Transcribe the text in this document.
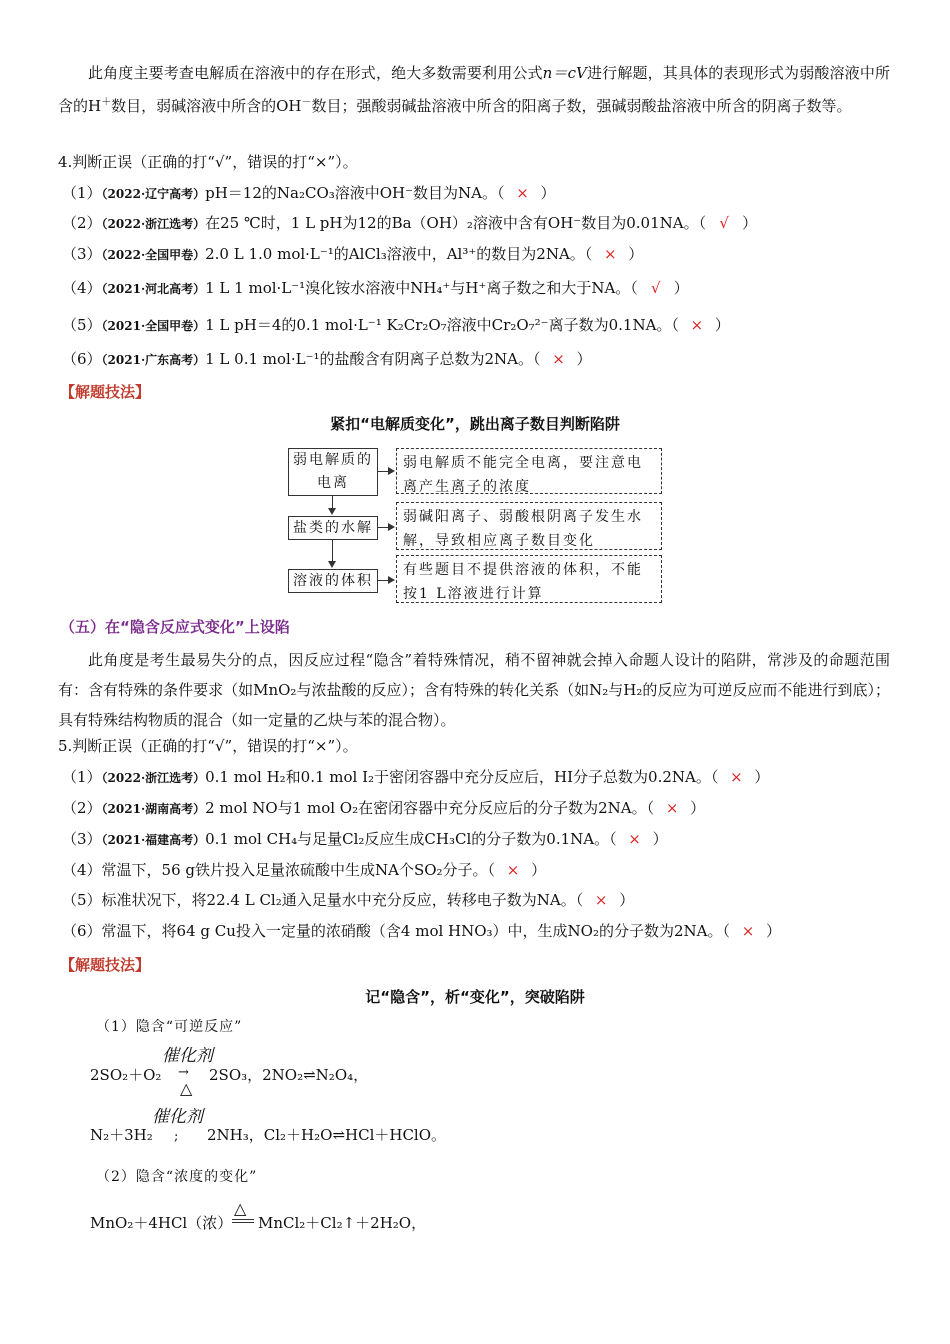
此角度主要考查电解质在溶液中的存在形式，绝大多数需要利用公式n＝cV进行解题，其具体的表现形式为弱酸溶液中所含的H＋数目，弱碱溶液中所含的OH－数目；强酸弱碱盐溶液中所含的阳离子数，强碱弱酸盐溶液中所含的阴离子数等。
4.判断正误（正确的打“√”，错误的打“×”）。
（1）（2022·辽宁高考）pH＝12的Na₂CO₃溶液中OH⁻数目为NA。（ × ）
（2）（2022·浙江选考）在25 ℃时，1 L pH为12的Ba（OH）₂溶液中含有OH⁻数目为0.01NA。（ √ ）
（3）（2022·全国甲卷）2.0 L 1.0 mol·L⁻¹的AlCl₃溶液中，Al³⁺的数目为2NA。（ × ）
（4）（2021·河北高考）1 L 1 mol·L⁻¹溴化铵水溶液中NH₄⁺与H⁺离子数之和大于NA。（ √ ）
（5）（2021·全国甲卷）1 L pH＝4的0.1 mol·L⁻¹ K₂Cr₂O₇溶液中Cr₂O₇²⁻离子数为0.1NA。（ × ）
（6）（2021·广东高考）1 L 0.1 mol·L⁻¹的盐酸含有阴离子总数为2NA。（ × ）
【解题技法】
紧扣“电解质变化”，跳出离子数目判断陷阱
弱电解质的电离
弱电解质不能完全电离，要注意电离产生离子的浓度
盐类的水解
弱碱阳离子、弱酸根阴离子发生水解，导致相应离子数目变化
溶液的体积
有些题目不提供溶液的体积，不能按1 L溶液进行计算
（五）在“隐含反应式变化”上设陷
此角度是考生最易失分的点，因反应过程“隐含”着特殊情况，稍不留神就会掉入命题人设计的陷阱，常涉及的命题范围有：含有特殊的条件要求（如MnO₂与浓盐酸的反应）；含有特殊的转化关系（如N₂与H₂的反应为可逆反应而不能进行到底）；具有特殊结构物质的混合（如一定量的乙炔与苯的混合物）。
5.判断正误（正确的打“√”，错误的打“×”）。
（1）（2022·浙江选考）0.1 mol H₂和0.1 mol I₂于密闭容器中充分反应后，HI分子总数为0.2NA。（ × ）
（2）（2021·湖南高考）2 mol NO与1 mol O₂在密闭容器中充分反应后的分子数为2NA。（ × ）
（3）（2021·福建高考）0.1 mol CH₄与足量Cl₂反应生成CH₃Cl的分子数为0.1NA。（ × ）
（4）常温下，56 g铁片投入足量浓硫酸中生成NA个SO₂分子。（ × ）
（5）标准状况下，将22.4 L Cl₂通入足量水中充分反应，转移电子数为NA。（ × ）
（6）常温下，将64 g Cu投入一定量的浓硝酸（含4 mol HNO₃）中，生成NO₂的分子数为2NA。（ × ）
【解题技法】
记“隐含”，析“变化”，突破陷阱
（1）隐含“可逆反应”
2SO₂＋O₂
催化剂
→
△
2SO₃，2NO₂⇌N₂O₄，
催化剂
N₂＋3H₂ ; 2NH₃，Cl₂＋H₂O⇌HCl＋HClO。
（2）隐含“浓度的变化”
MnO₂＋4HCl（浓）
△
MnCl₂＋Cl₂↑＋2H₂O，
